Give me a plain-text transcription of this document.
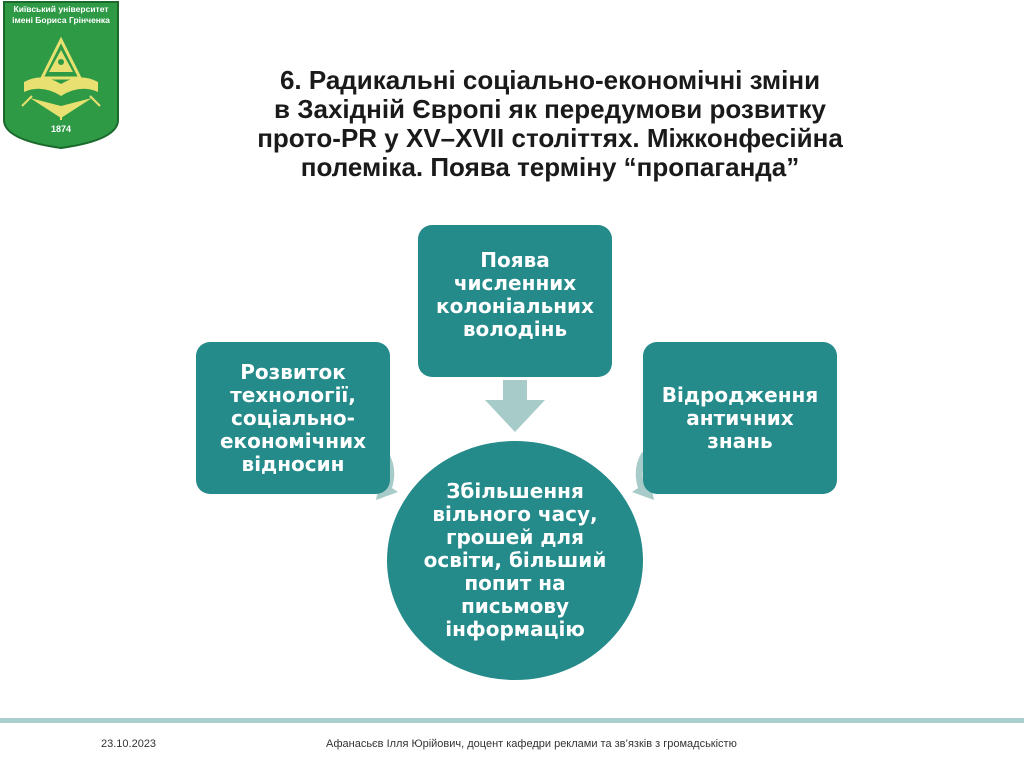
Київський університет
імені Бориса Грінченка
1874
6. Радикальні соціально-економічні зміни
в Західній Європі як передумови розвитку
прото-PR у XV–XVII століттях. Міжконфесійна
полеміка. Поява терміну “пропаганда”
Поява численних колоніальних володінь
Розвиток технології, соціально-економічних відносин
Відродження античних знань
Збільшення вільного часу, грошей для освіти, більший попит на письмову інформацію
23.10.2023	Афанасьєв Ілля Юрійович, доцент кафедри реклами та зв’язків з громадськістю
